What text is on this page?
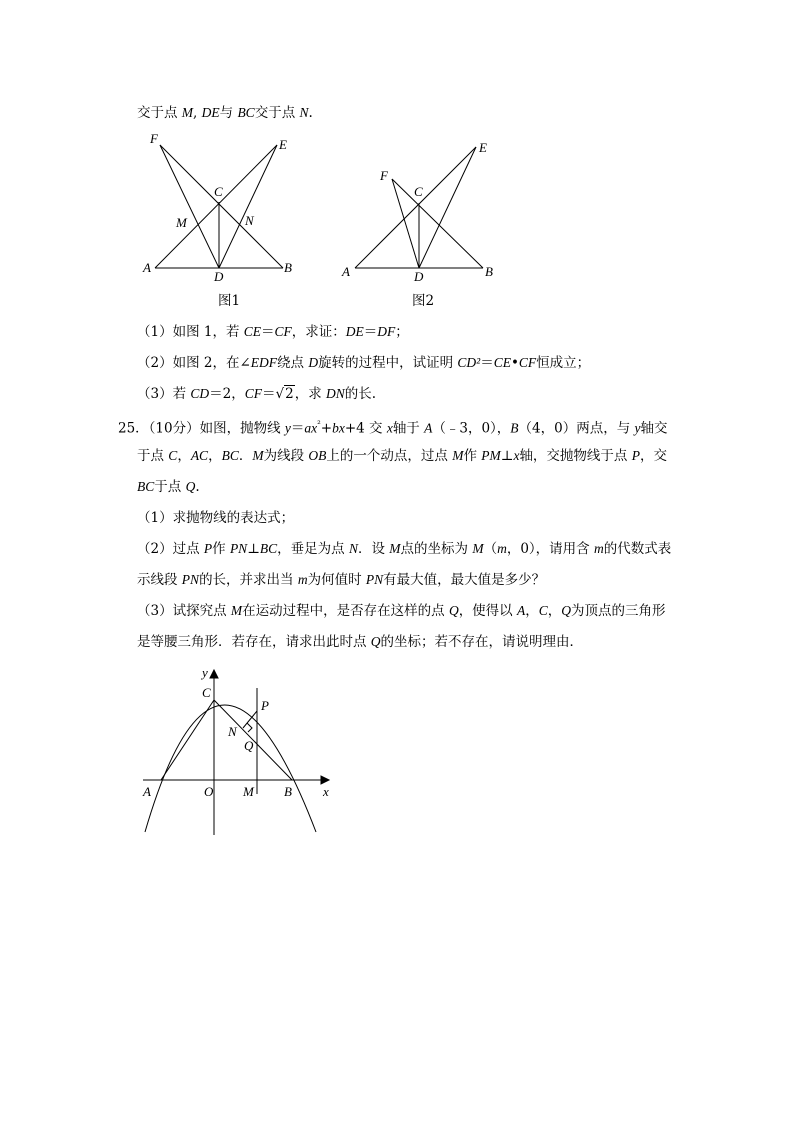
交于点 M, DE与 BC交于点 N.
F	E
C
M	N
A
D
B
图1
F
E
C
A	D	B
图2
（1）如图 1，若 CE＝CF，求证：DE＝DF；
（2）如图 2，在∠EDF绕点 D旋转的过程中，试证明 CD²＝CE•CF恒成立；
（3）若 CD＝2，CF＝√2，求 DN的长.
25．（10分）如图，抛物线 $y=ax^{^2}+bx+4$ 交 x轴于 A（﹣3，0），B（4，0）两点，与 y轴交
于点 C，AC，BC．M为线段 OB上的一个动点，过点 M作 PM⊥x轴，交抛物线于点 P，交
BC于点 Q.
（1）求抛物线的表达式；
（2）过点 P作 PN⊥BC，垂足为点 N．设 M点的坐标为 M（m，0），请用含 m的代数式表
示线段 PN的长，并求出当 m为何值时 PN有最大值，最大值是多少？
（3）试探究点 M在运动过程中，是否存在这样的点 Q，使得以 A，C，Q为顶点的三角形
是等腰三角形．若存在，请求出此时点 Q的坐标；若不存在，请说明理由．
y
C
P
N
Q
A	O M B x
